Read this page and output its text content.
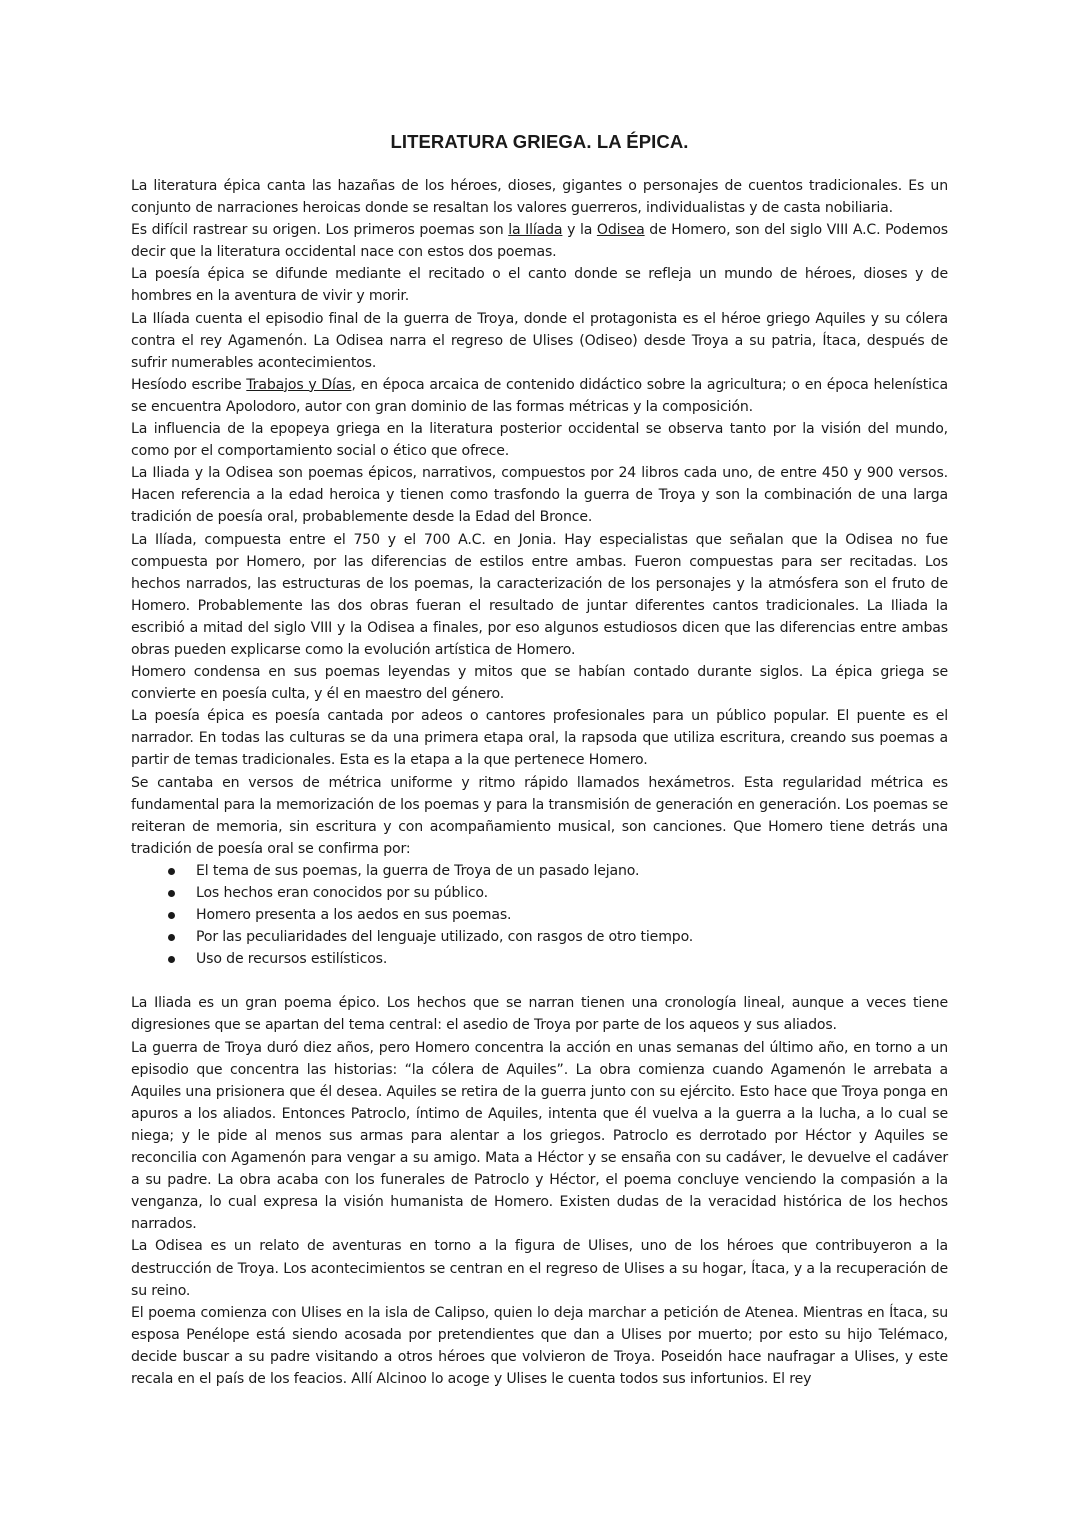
LITERATURA GRIEGA. LA ÉPICA.

La literatura épica canta las hazañas de los héroes, dioses, gigantes o personajes de cuentos tradicionales. Es un conjunto de narraciones heroicas donde se resaltan los valores guerreros, individualistas y de casta nobiliaria.

Es difícil rastrear su origen. Los primeros poemas son la Ilíada y la Odisea de Homero, son del siglo VIII A.C. Podemos decir que la literatura occidental nace con estos dos poemas.

La poesía épica se difunde mediante el recitado o el canto donde se refleja un mundo de héroes, dioses y de hombres en la aventura de vivir y morir.

La Ilíada cuenta el episodio final de la guerra de Troya, donde el protagonista es el héroe griego Aquiles y su cólera contra el rey Agamenón. La Odisea narra el regreso de Ulises (Odiseo) desde Troya a su patria, Ítaca, después de sufrir numerables acontecimientos.

Hesíodo escribe Trabajos y Días, en época arcaica de contenido didáctico sobre la agricultura; o en época helenística se encuentra Apolodoro, autor con gran dominio de las formas métricas y la composición.

La influencia de la epopeya griega en la literatura posterior occidental se observa tanto por la visión del mundo, como por el comportamiento social o ético que ofrece.

La Iliada y la Odisea son poemas épicos, narrativos, compuestos por 24 libros cada uno, de entre 450 y 900 versos. Hacen referencia a la edad heroica y tienen como trasfondo la guerra de Troya y son la combinación de una larga tradición de poesía oral, probablemente desde la Edad del Bronce.

La Ilíada, compuesta entre el 750 y el 700 A.C. en Jonia. Hay especialistas que señalan que la Odisea no fue compuesta por Homero, por las diferencias de estilos entre ambas. Fueron compuestas para ser recitadas. Los hechos narrados, las estructuras de los poemas, la caracterización de los personajes y la atmósfera son el fruto de Homero. Probablemente las dos obras fueran el resultado de juntar diferentes cantos tradicionales. La Iliada la escribió a mitad del siglo VIII y la Odisea a finales, por eso algunos estudiosos dicen que las diferencias entre ambas obras pueden explicarse como la evolución artística de Homero.

Homero condensa en sus poemas leyendas y mitos que se habían contado durante siglos. La épica griega se convierte en poesía culta, y él en maestro del género.

La poesía épica es poesía cantada por adeos o cantores profesionales para un público popular. El puente es el narrador. En todas las culturas se da una primera etapa oral, la rapsoda que utiliza escritura, creando sus poemas a partir de temas tradicionales. Esta es la etapa a la que pertenece Homero.

Se cantaba en versos de métrica uniforme y ritmo rápido llamados hexámetros. Esta regularidad métrica es fundamental para la memorización de los poemas y para la transmisión de generación en generación. Los poemas se reiteran de memoria, sin escritura y con acompañamiento musical, son canciones. Que Homero tiene detrás una tradición de poesía oral se confirma por:

El tema de sus poemas, la guerra de Troya de un pasado lejano.
Los hechos eran conocidos por su público.
Homero presenta a los aedos en sus poemas.
Por las peculiaridades del lenguaje utilizado, con rasgos de otro tiempo.
Uso de recursos estilísticos.

La Iliada es un gran poema épico. Los hechos que se narran tienen una cronología lineal, aunque a veces tiene digresiones que se apartan del tema central: el asedio de Troya por parte de los aqueos y sus aliados.

La guerra de Troya duró diez años, pero Homero concentra la acción en unas semanas del último año, en torno a un episodio que concentra las historias: “la cólera de Aquiles”. La obra comienza cuando Agamenón le arrebata a Aquiles una prisionera que él desea. Aquiles se retira de la guerra junto con su ejército. Esto hace que Troya ponga en apuros a los aliados. Entonces Patroclo, íntimo de Aquiles, intenta que él vuelva a la guerra a la lucha, a lo cual se niega; y le pide al menos sus armas para alentar a los griegos. Patroclo es derrotado por Héctor y Aquiles se reconcilia con Agamenón para vengar a su amigo. Mata a Héctor y se ensaña con su cadáver, le devuelve el cadáver a su padre. La obra acaba con los funerales de Patroclo y Héctor, el poema concluye venciendo la compasión a la venganza, lo cual expresa la visión humanista de Homero. Existen dudas de la veracidad histórica de los hechos narrados.

La Odisea es un relato de aventuras en torno a la figura de Ulises, uno de los héroes que contribuyeron a la destrucción de Troya. Los acontecimientos se centran en el regreso de Ulises a su hogar, Ítaca, y a la recuperación de su reino.

El poema comienza con Ulises en la isla de Calipso, quien lo deja marchar a petición de Atenea. Mientras en Ítaca, su esposa Penélope está siendo acosada por pretendientes que dan a Ulises por muerto; por esto su hijo Telémaco, decide buscar a su padre visitando a otros héroes que volvieron de Troya. Poseidón hace naufragar a Ulises, y este recala en el país de los feacios. Allí Alcinoo lo acoge y Ulises le cuenta todos sus infortunios. El rey
